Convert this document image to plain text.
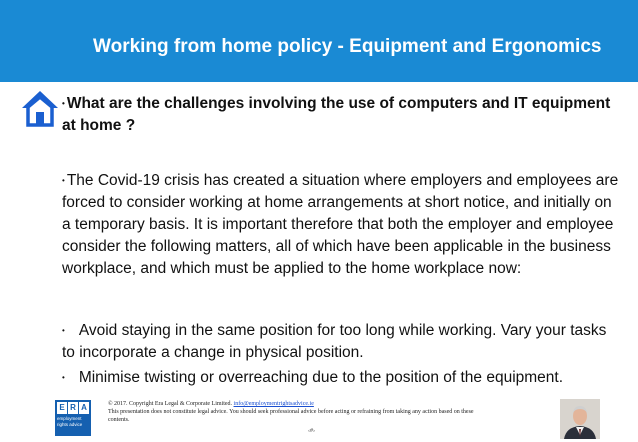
Working from home policy - Equipment and Ergonomics
• What are the challenges involving the use of computers and IT equipment at home ?
• The Covid-19 crisis has created a situation where employers and employees are forced to consider working at home arrangements at short notice, and initially on a temporary basis. It is important therefore that both the employer and employee consider the following matters, all of which have been applicable in the business workplace, and which must be applied to the home workplace now:
• Avoid staying in the same position for too long while working. Vary your tasks to incorporate a change in physical position.
• Minimise twisting or overreaching due to the position of the equipment.
E R A
employment
rights advice
© 2017. Copyright Era Legal & Corporate Limited. info@employmentrightsadvice.ie
This presentation does not constitute legal advice. You should seek professional advice before acting or refraining from taking any action based on these contents.
‹#›
